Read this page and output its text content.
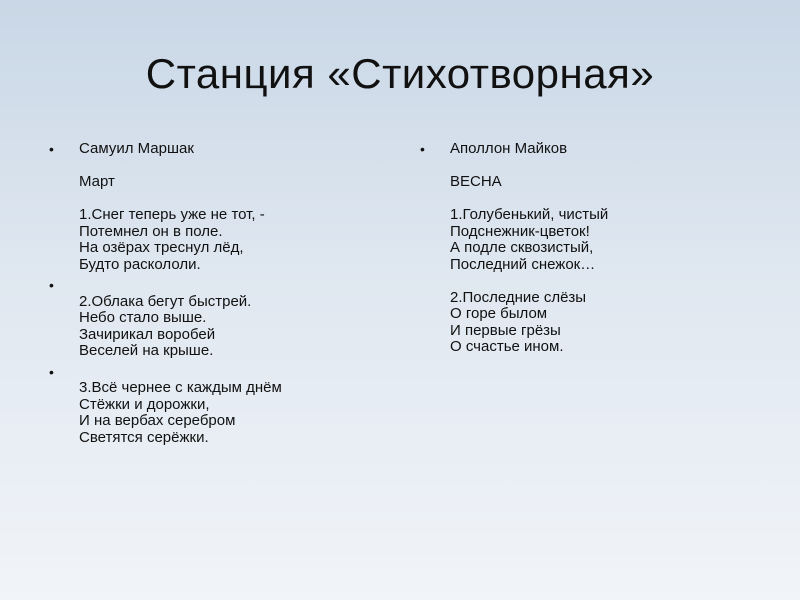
Станция «Стихотворная»
•	Самуил Маршак
Март
1.Снег теперь уже не тот, -
Потемнел он в поле.
На озёрах треснул лёд,
Будто раскололи.
•
2.Облака бегут быстрей.
Небо стало выше.
Зачирикал воробей
Веселей на крыше.
•
3.Всё чернее с каждым днём
Стёжки и дорожки,
И на вербах серебром
Светятся серёжки.
•	Аполлон Майков
ВЕСНА
1.Голубенький, чистый
Подснежник-цветок!
А подле сквозистый,
Последний снежок…
2.Последние слёзы
О горе былом
И первые грёзы
О счастье ином.
